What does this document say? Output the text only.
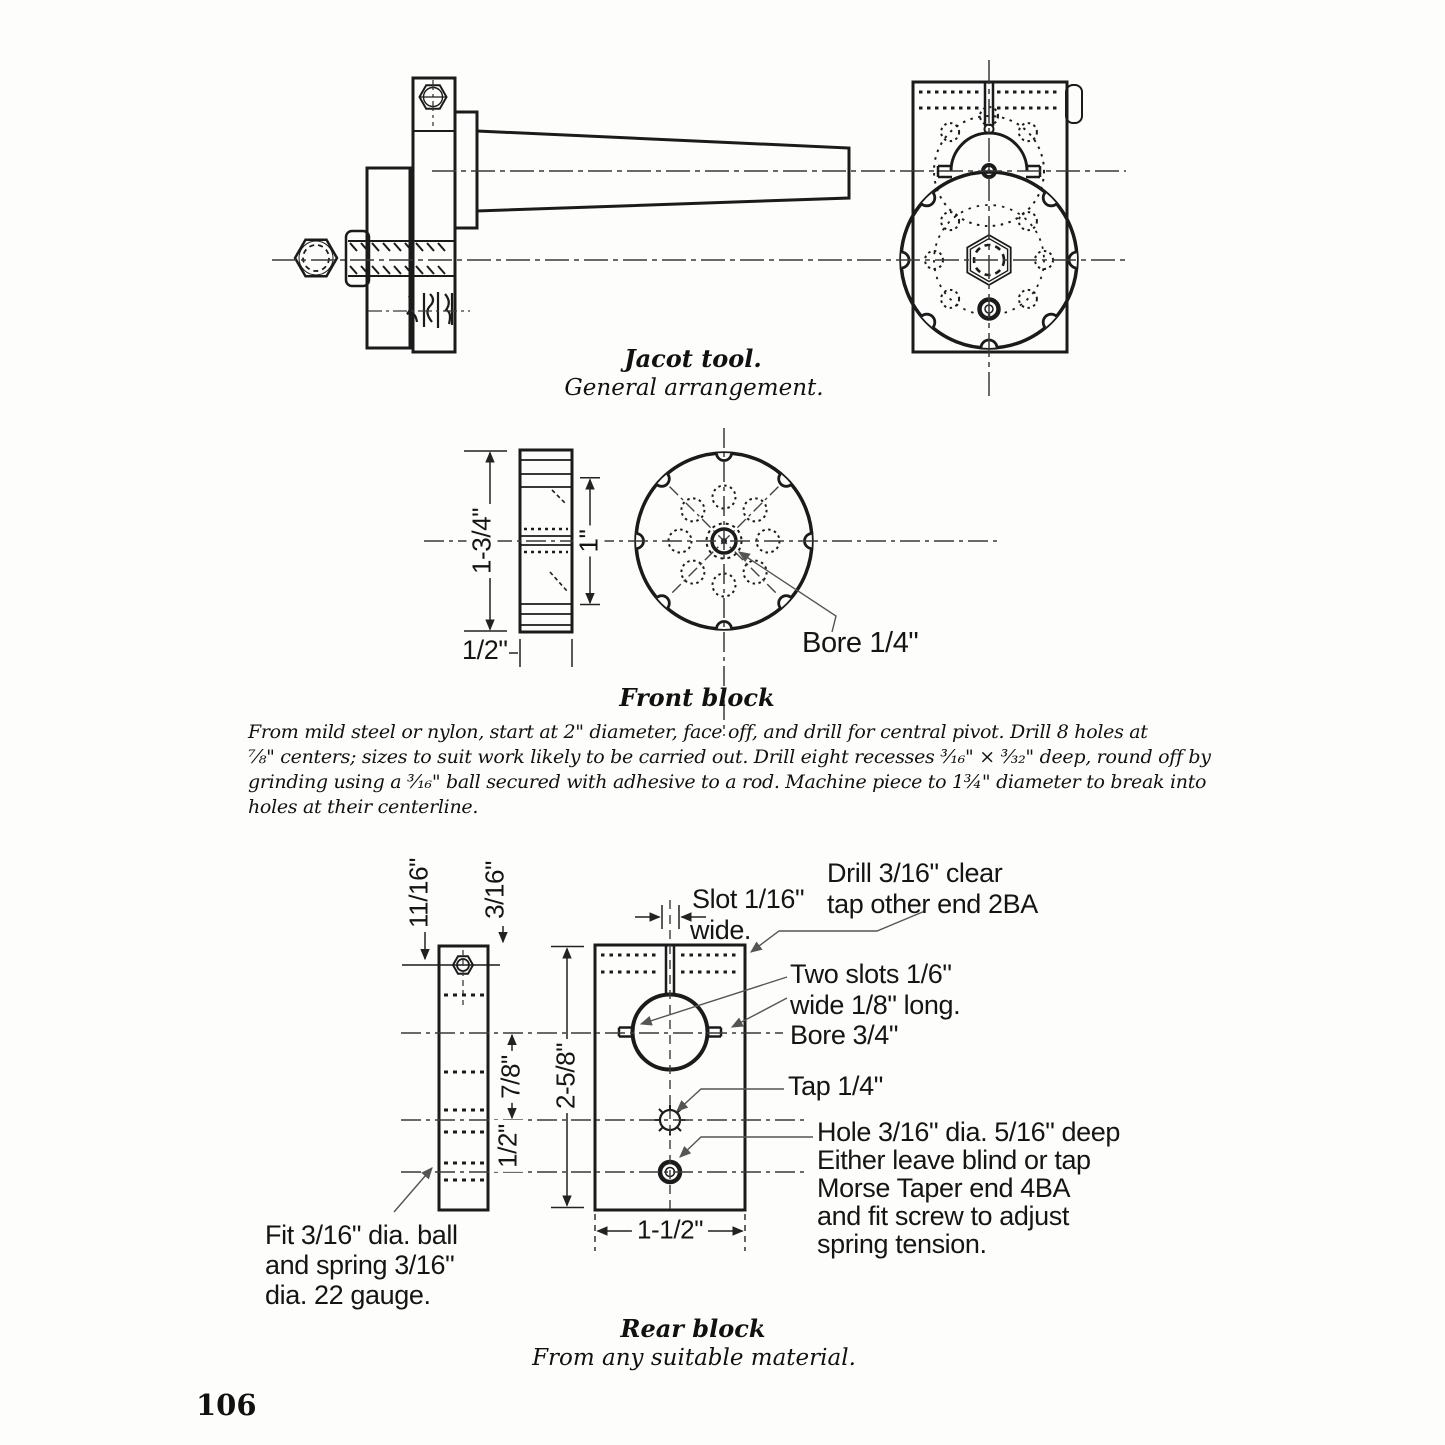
Jacot tool.
General arrangement.
1-3/4"	1"
1/2"	Bore 1/4"
Front block
From mild steel or nylon, start at 2" diameter, face off, and drill for central pivot. Drill 8 holes at
⅞" centers; sizes to suit work likely to be carried out. Drill eight recesses ³⁄₁₆" × ³⁄₃₂" deep, round off by
grinding using a ³⁄₁₆" ball secured with adhesive to a rod. Machine piece to 1¾" diameter to break into
holes at their centerline.
11/16" 3/16"	Slot 1/16"
wide.
Drill 3/16" clear
tap other end 2BA
Two slots 1/6"
wide 1/8" long.
Bore 3/4"
Tap 1/4"
Hole 3/16" dia. 5/16" deep
Either leave blind or tap
Morse Taper end 4BA
and fit screw to adjust
spring tension.
Fit 3/16" dia. ball
and spring 3/16"
dia. 22 gauge.
7/8"
1/2"
2-5/8"
1-1/2"
Rear block
From any suitable material.
106
